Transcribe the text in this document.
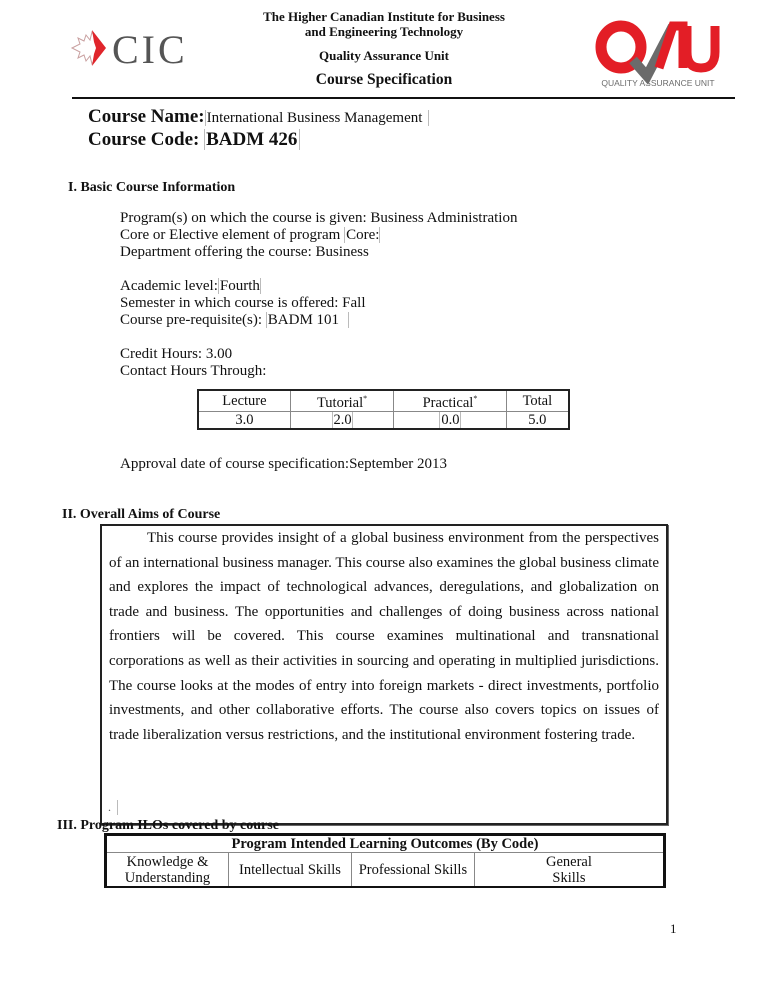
CIC
The Higher Canadian Institute for Business
and Engineering Technology
Quality Assurance Unit
Course Specification	QUALITY ASSURANCE UNIT
Course Name: International Business Management
Course Code: BADM 426
I. Basic Course Information
Program(s) on which the course is given: Business Administration
Core or Elective element of program Core:
Department offering the course: Business
Academic level: Fourth
Semester in which course is offered: Fall
Course pre-requisite(s): BADM 101
Credit Hours: 3.00
Contact Hours Through:
Lecture	Tutorial*	Practical*	Total
3.0	2.0	0.0	5.0
Approval date of course specification:September 2013
II. Overall Aims of Course
This course provides insight of a global business environment from the perspectives of an international business manager. This course also examines the global business climate and explores the impact of technological advances, deregulations, and globalization on trade and business. The opportunities and challenges of doing business across national frontiers will be covered. This course examines multinational and transnational corporations as well as their activities in sourcing and operating in multiplied jurisdictions. The course looks at the modes of entry into foreign markets - direct investments, portfolio investments, and other collaborative efforts. The course also covers topics on issues of trade liberalization versus restrictions, and the institutional environment fostering trade.
.
III. Program ILOs covered by course
Program Intended Learning Outcomes (By Code)

Knowledge &
Understanding	Intellectual Skills	Professional Skills	General
Skills
1
